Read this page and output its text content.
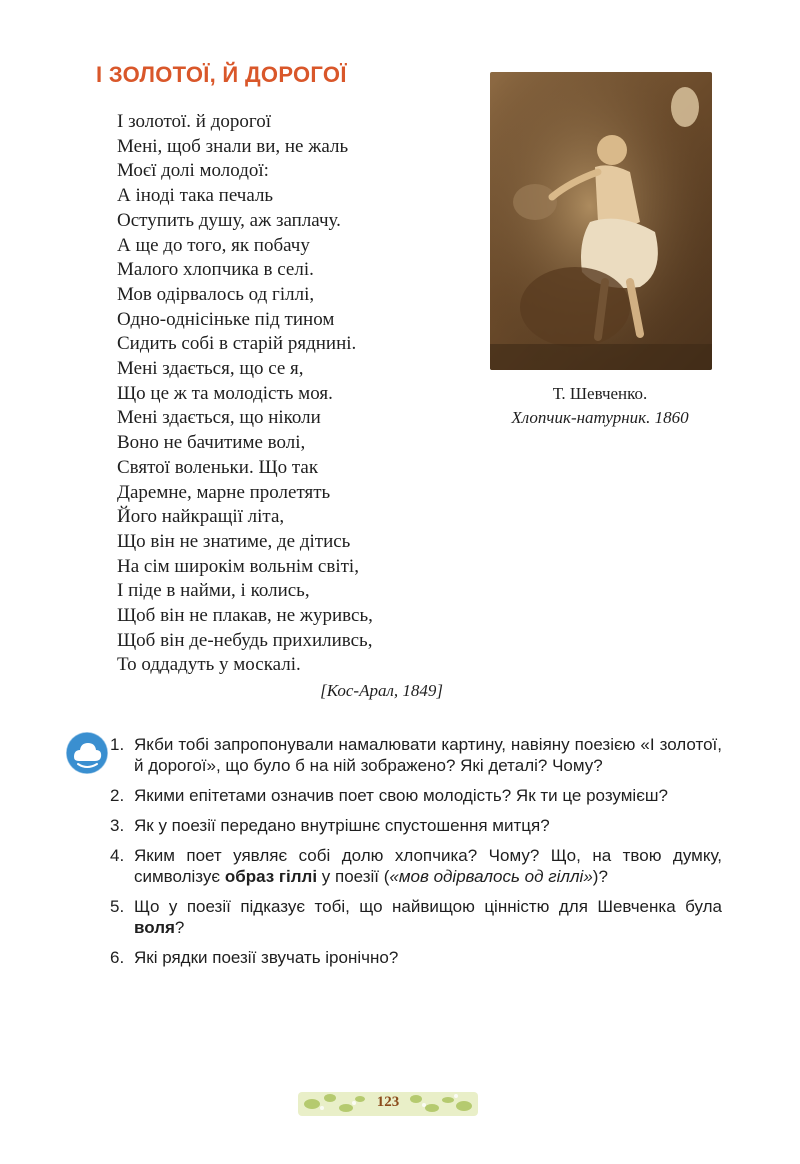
І ЗОЛОТОЇ, Й ДОРОГОЇ
І золотої. й дорогої
Мені, щоб знали ви, не жаль
Моєї долі молодої:
А іноді така печаль
Оступить душу, аж заплачу.
А ще до того, як побачу
Малого хлопчика в селі.
Мов одірвалось од гіллі,
Одно-однісіньке під тином
Сидить собі в старій ряднині.
Мені здається, що се я,
Що це ж та молодість моя.
Мені здається, що ніколи
Воно не бачитиме волі,
Святої воленьки. Що так
Даремне, марне пролетять
Його найкращії літа,
Що він не знатиме, де дітись
На сім широкім вольнім світі,
І піде в найми, і колись,
Щоб він не плакав, не журивсь,
Щоб він де-небудь прихиливсь,
То оддадуть у москалі.
[Кос-Арал, 1849]
Т. Шевченко.
Хлопчик-натурник. 1860
1. Якби тобі запропонували намалювати картину, навіяну поезією «І золотої, й дорогої», що було б на ній зображено? Які деталі? Чому?
2. Якими епітетами означив поет свою молодість? Як ти це розумієш?
3. Як у поезії передано внутрішнє спустошення митця?
4. Яким поет уявляє собі долю хлопчика? Чому? Що, на твою думку, символізує образ гіллі у поезії («мов одірвалось од гіллі»)?
5. Що у поезії підказує тобі, що найвищою цінністю для Шевченка була воля?
6. Які рядки поезії звучать іронічно?
123
